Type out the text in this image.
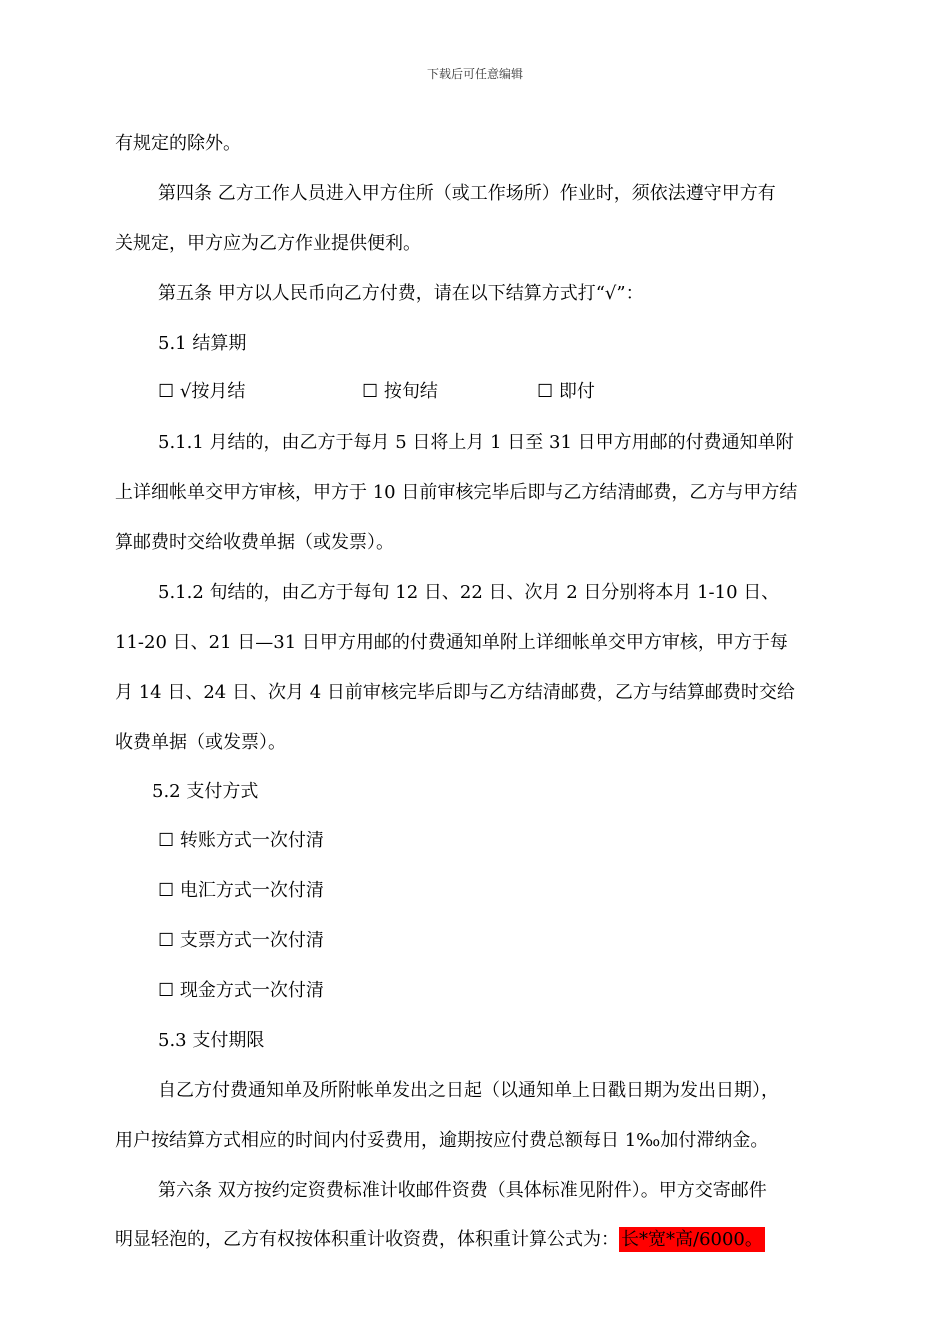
下载后可任意编辑
有规定的除外。
第四条 乙方工作人员进入甲方住所（或工作场所）作业时，须依法遵守甲方有
关规定，甲方应为乙方作业提供便利。
第五条 甲方以人民币向乙方付费，请在以下结算方式打“√”：
5.1 结算期
☐ √按月结	☐ 按旬结	☐ 即付
5.1.1 月结的，由乙方于每月 5 日将上月 1 日至 31 日甲方用邮的付费通知单附
上详细帐单交甲方审核，甲方于 10 日前审核完毕后即与乙方结清邮费，乙方与甲方结
算邮费时交给收费单据（或发票）。
5.1.2 旬结的，由乙方于每旬 12 日、22 日、次月 2 日分别将本月 1-10 日、
11-20 日、21 日—31 日甲方用邮的付费通知单附上详细帐单交甲方审核，甲方于每
月 14 日、24 日、次月 4 日前审核完毕后即与乙方结清邮费，乙方与结算邮费时交给
收费单据（或发票）。
5.2 支付方式
☐ 转账方式一次付清
☐ 电汇方式一次付清
☐ 支票方式一次付清
☐ 现金方式一次付清
5.3 支付期限
自乙方付费通知单及所附帐单发出之日起（以通知单上日戳日期为发出日期），
用户按结算方式相应的时间内付妥费用，逾期按应付费总额每日 1‰加付滞纳金。
第六条 双方按约定资费标准计收邮件资费（具体标准见附件）。甲方交寄邮件
明显轻泡的，乙方有权按体积重计收资费，体积重计算公式为： 长*宽*高/6000。
